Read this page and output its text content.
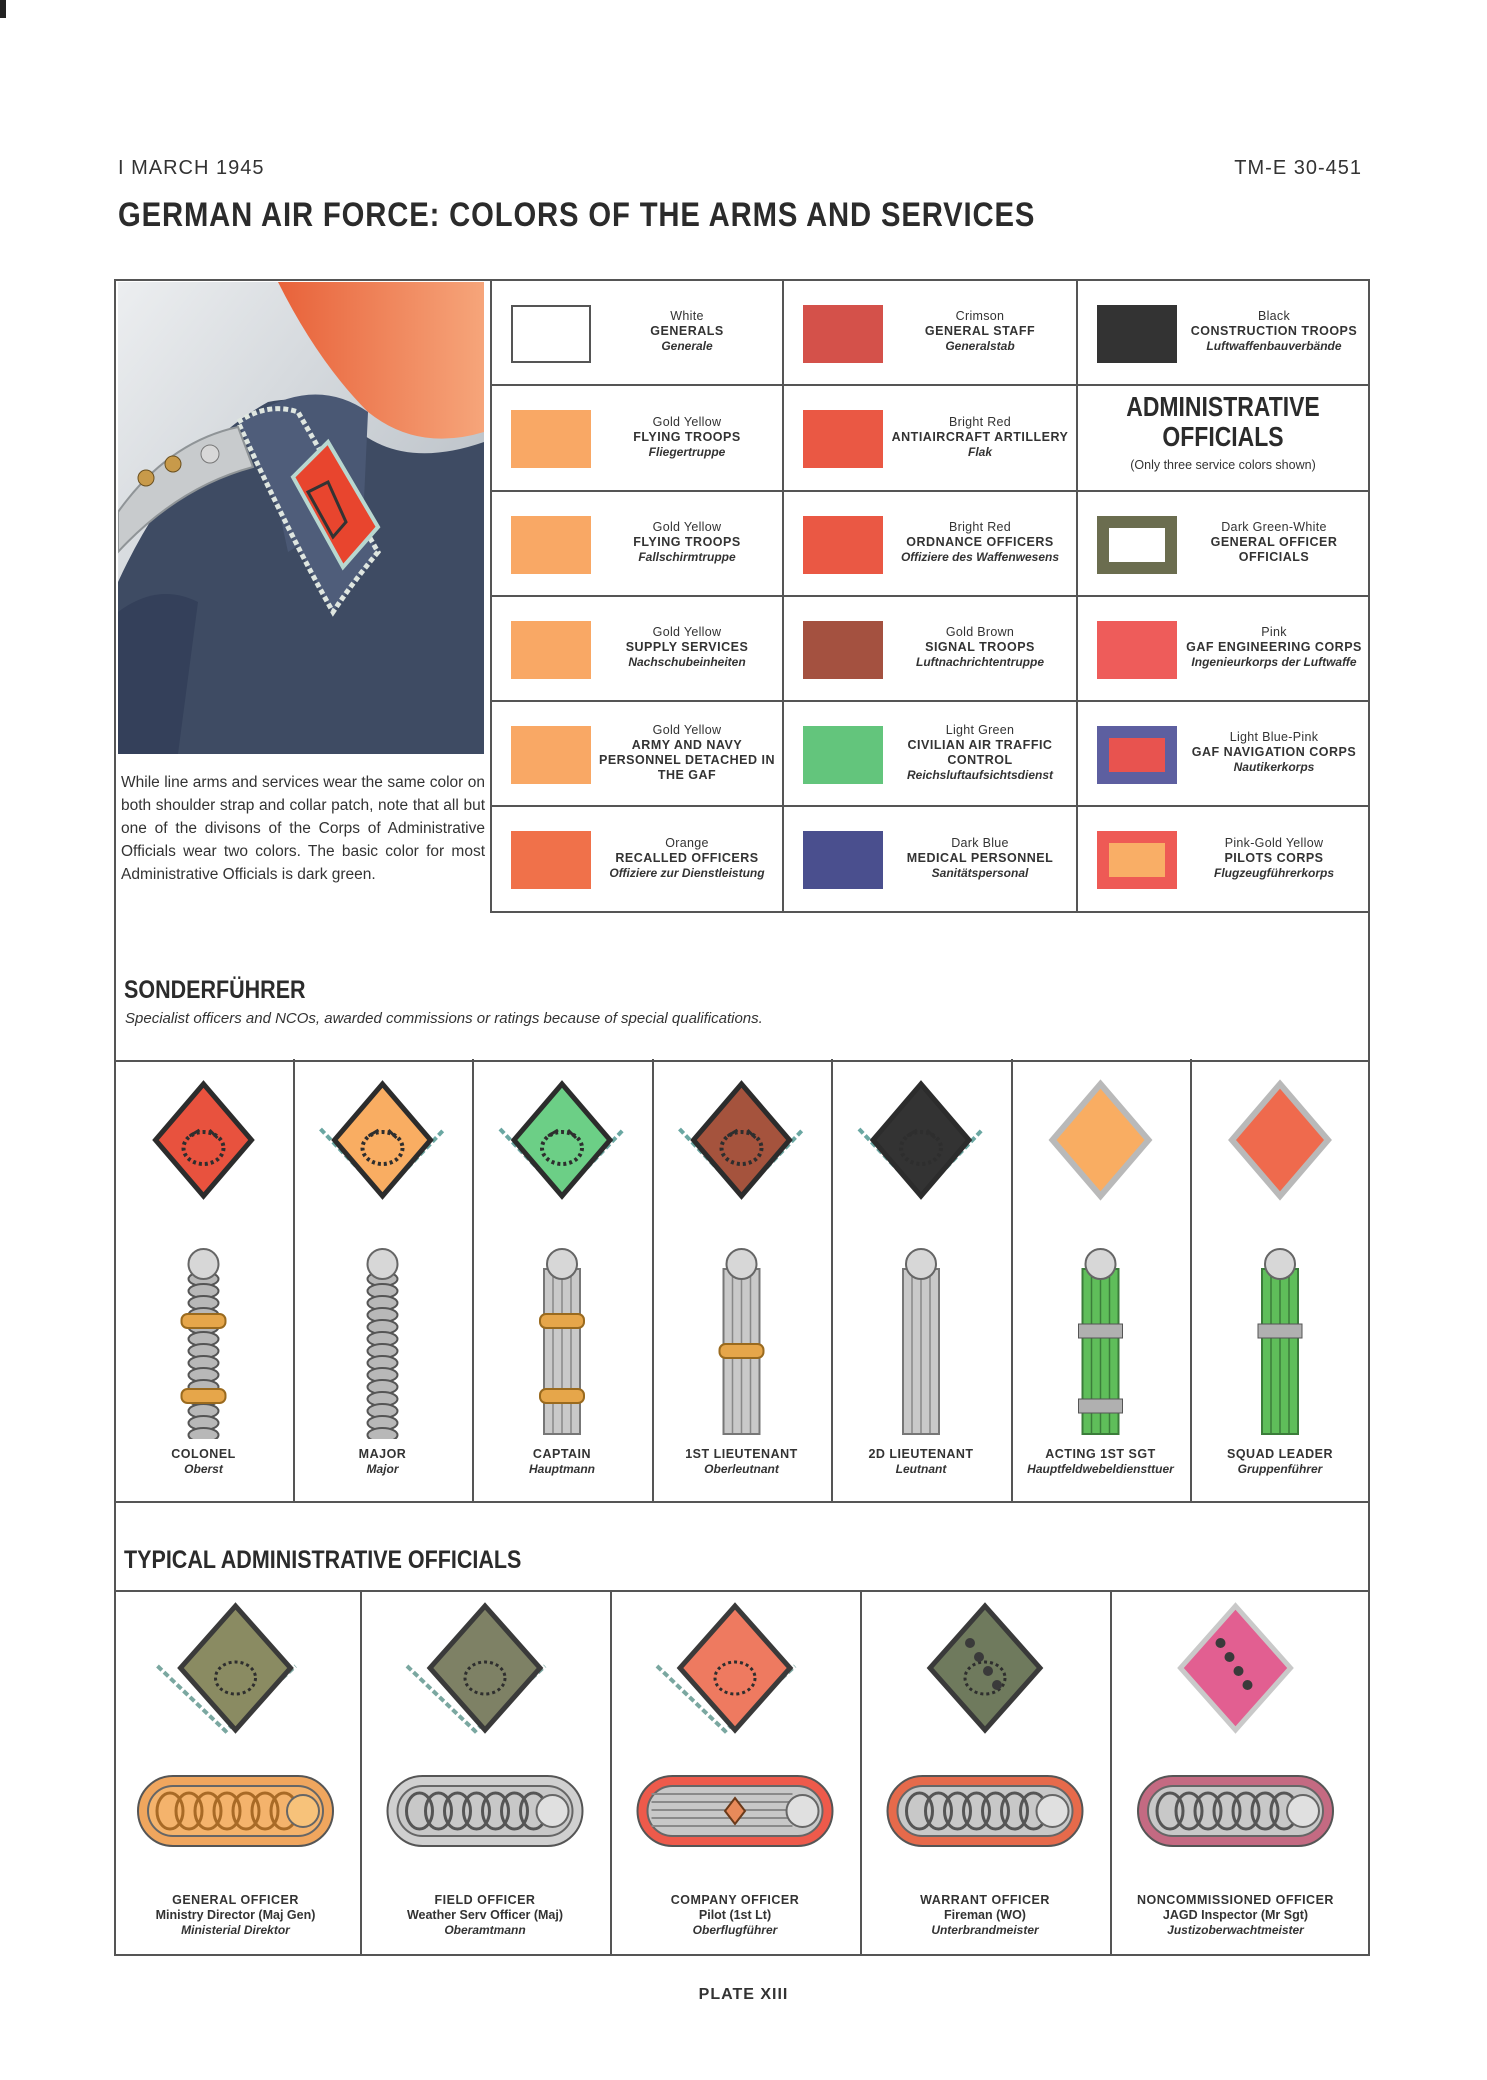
I MARCH 1945	TM-E 30-451
GERMAN AIR FORCE: COLORS OF THE ARMS AND SERVICES
While line arms and services wear the same color on both shoulder strap and collar patch, note that all but one of the divisons of the Corps of Administrative Officials wear two colors. The basic color for most Administrative Officials is dark green.
White
GENERALS
Generale
Gold Yellow
FLYING TROOPS
Fliegertruppe
Gold Yellow
FLYING TROOPS
Fallschirmtruppe
Gold Yellow
SUPPLY SERVICES
Nachschubeinheiten
Gold Yellow
ARMY AND NAVY PERSONNEL DETACHED IN THE GAF
Orange
RECALLED OFFICERS
Offiziere zur Dienstleistung
Crimson
GENERAL STAFF
Generalstab
Bright Red
ANTIAIRCRAFT ARTILLERY
Flak
Bright Red
ORDNANCE OFFICERS
Offiziere des Waffenwesens
Gold Brown
SIGNAL TROOPS
Luftnachrichtentruppe
Light Green
CIVILIAN AIR TRAFFIC CONTROL
Reichsluftaufsichtsdienst
Dark Blue
MEDICAL PERSONNEL
Sanitätspersonal
Black
CONSTRUCTION TROOPS
Luftwaffenbauverbände
Dark Green-White
GENERAL OFFICER OFFICIALS
Pink
GAF ENGINEERING CORPS
Ingenieurkorps der Luftwaffe
Light Blue-Pink
GAF NAVIGATION CORPS
Nautikerkorps
Pink-Gold Yellow
PILOTS CORPS
Flugzeugführerkorps
ADMINISTRATIVE OFFICIALS
(Only three service colors shown)
SONDERFÜHRER
Specialist officers and NCOs, awarded commissions or ratings because of special qualifications.
COLONEL
Oberst
MAJOR
Major
CAPTAIN
Hauptmann
1ST LIEUTENANT
Oberleutnant
2D LIEUTENANT
Leutnant
ACTING 1ST SGT
Hauptfeldwebeldiensttuer
SQUAD LEADER
Gruppenführer
TYPICAL ADMINISTRATIVE OFFICIALS
GENERAL OFFICER
Ministry Director (Maj Gen)
Ministerial Direktor
FIELD OFFICER
Weather Serv Officer (Maj)
Oberamtmann
COMPANY OFFICER
Pilot (1st Lt)
Oberflugführer
WARRANT OFFICER
Fireman (WO)
Unterbrandmeister
NONCOMMISSIONED OFFICER
JAGD Inspector (Mr Sgt)
Justizoberwachtmeister
PLATE XIII
